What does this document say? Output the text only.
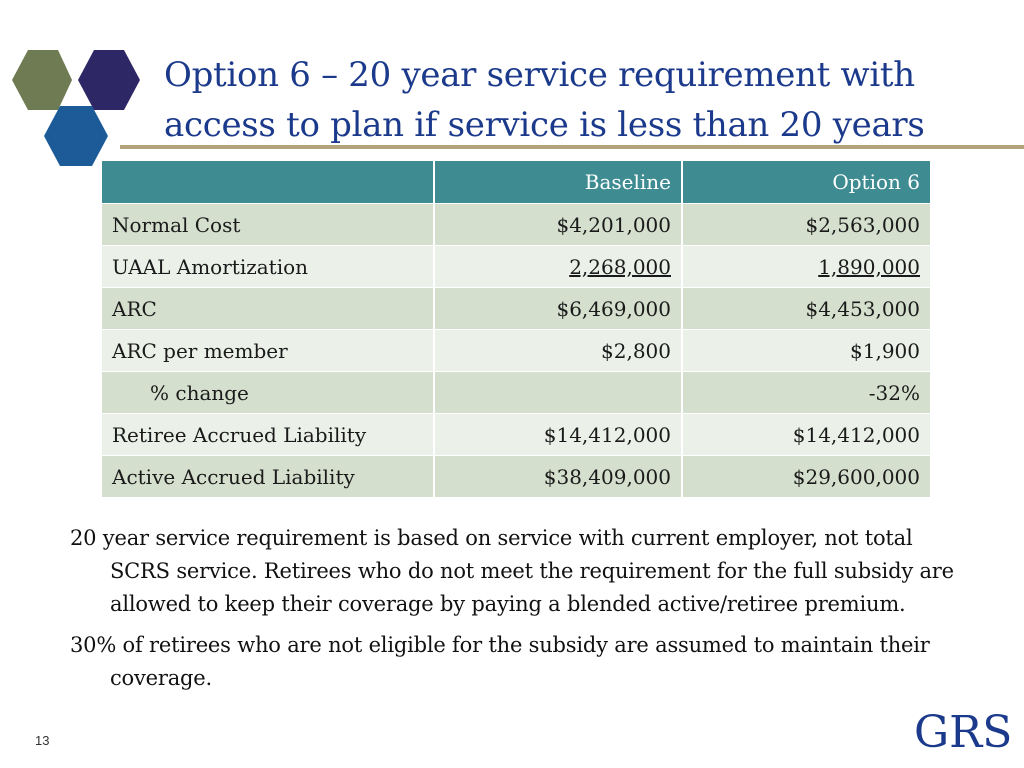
Option 6 – 20 year service requirement with
access to plan if service is less than 20 years
	Baseline	Option 6
Normal Cost	$4,201,000	$2,563,000
UAAL Amortization	2,268,000	1,890,000
ARC	$6,469,000	$4,453,000
ARC per member	$2,800	$1,900
% change		-32%
Retiree Accrued Liability	$14,412,000	$14,412,000
Active Accrued Liability	$38,409,000	$29,600,000

20 year service requirement is based on service with current employer, not total SCRS service. Retirees who do not meet the requirement for the full subsidy are allowed to keep their coverage by paying a blended active/retiree premium.

30% of retirees who are not eligible for the subsidy are assumed to maintain their coverage.

13	GRS
